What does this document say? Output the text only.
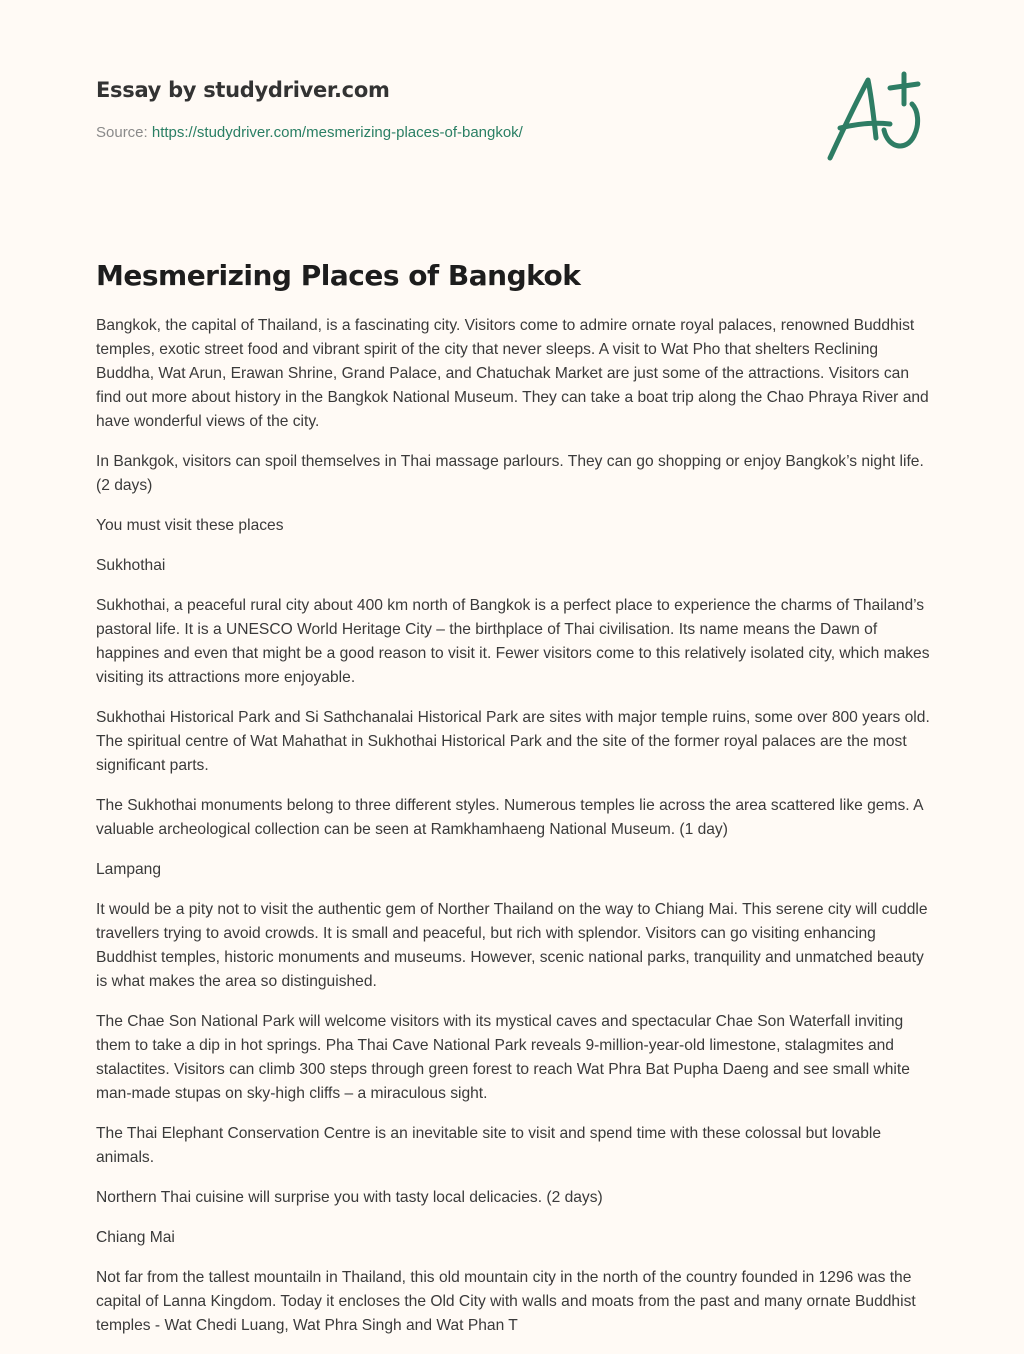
Essay by studydriver.com
Source: https://studydriver.com/mesmerizing-places-of-bangkok/
Mesmerizing Places of Bangkok

Bangkok, the capital of Thailand, is a fascinating city. Visitors come to admire ornate royal palaces, renowned Buddhist temples, exotic street food and vibrant spirit of the city that never sleeps. A visit to Wat Pho that shelters Reclining Buddha, Wat Arun, Erawan Shrine, Grand Palace, and Chatuchak Market are just some of the attractions. Visitors can find out more about history in the Bangkok National Museum. They can take a boat trip along the Chao Phraya River and have wonderful views of the city.

In Bankgok, visitors can spoil themselves in Thai massage parlours. They can go shopping or enjoy Bangkok’s night life. (2 days)

You must visit these places

Sukhothai

Sukhothai, a peaceful rural city about 400 km north of Bangkok is a perfect place to experience the charms of Thailand’s pastoral life. It is a UNESCO World Heritage City – the birthplace of Thai civilisation. Its name means the Dawn of happines and even that might be a good reason to visit it. Fewer visitors come to this relatively isolated city, which makes visiting its attractions more enjoyable.

Sukhothai Historical Park and Si Sathchanalai Historical Park are sites with major temple ruins, some over 800 years old. The spiritual centre of Wat Mahathat in Sukhothai Historical Park and the site of the former royal palaces are the most significant parts.

The Sukhothai monuments belong to three different styles. Numerous temples lie across the area scattered like gems. A valuable archeological collection can be seen at Ramkhamhaeng National Museum. (1 day)

Lampang

It would be a pity not to visit the authentic gem of Norther Thailand on the way to Chiang Mai. This serene city will cuddle travellers trying to avoid crowds. It is small and peaceful, but rich with splendor. Visitors can go visiting enhancing Buddhist temples, historic monuments and museums. However, scenic national parks, tranquility and unmatched beauty is what makes the area so distinguished.

The Chae Son National Park will welcome visitors with its mystical caves and spectacular Chae Son Waterfall inviting them to take a dip in hot springs. Pha Thai Cave National Park reveals 9-million-year-old limestone, stalagmites and stalactites. Visitors can climb 300 steps through green forest to reach Wat Phra Bat Pupha Daeng and see small white man-made stupas on sky-high cliffs – a miraculous sight.

The Thai Elephant Conservation Centre is an inevitable site to visit and spend time with these colossal but lovable animals.

Northern Thai cuisine will surprise you with tasty local delicacies. (2 days)

Chiang Mai

Not far from the tallest mountailn in Thailand, this old mountain city in the north of the country founded in 1296 was the capital of Lanna Kingdom. Today it encloses the Old City with walls and moats from the past and many ornate Buddhist temples - Wat Chedi Luang, Wat Phra Singh and Wat Phan T
